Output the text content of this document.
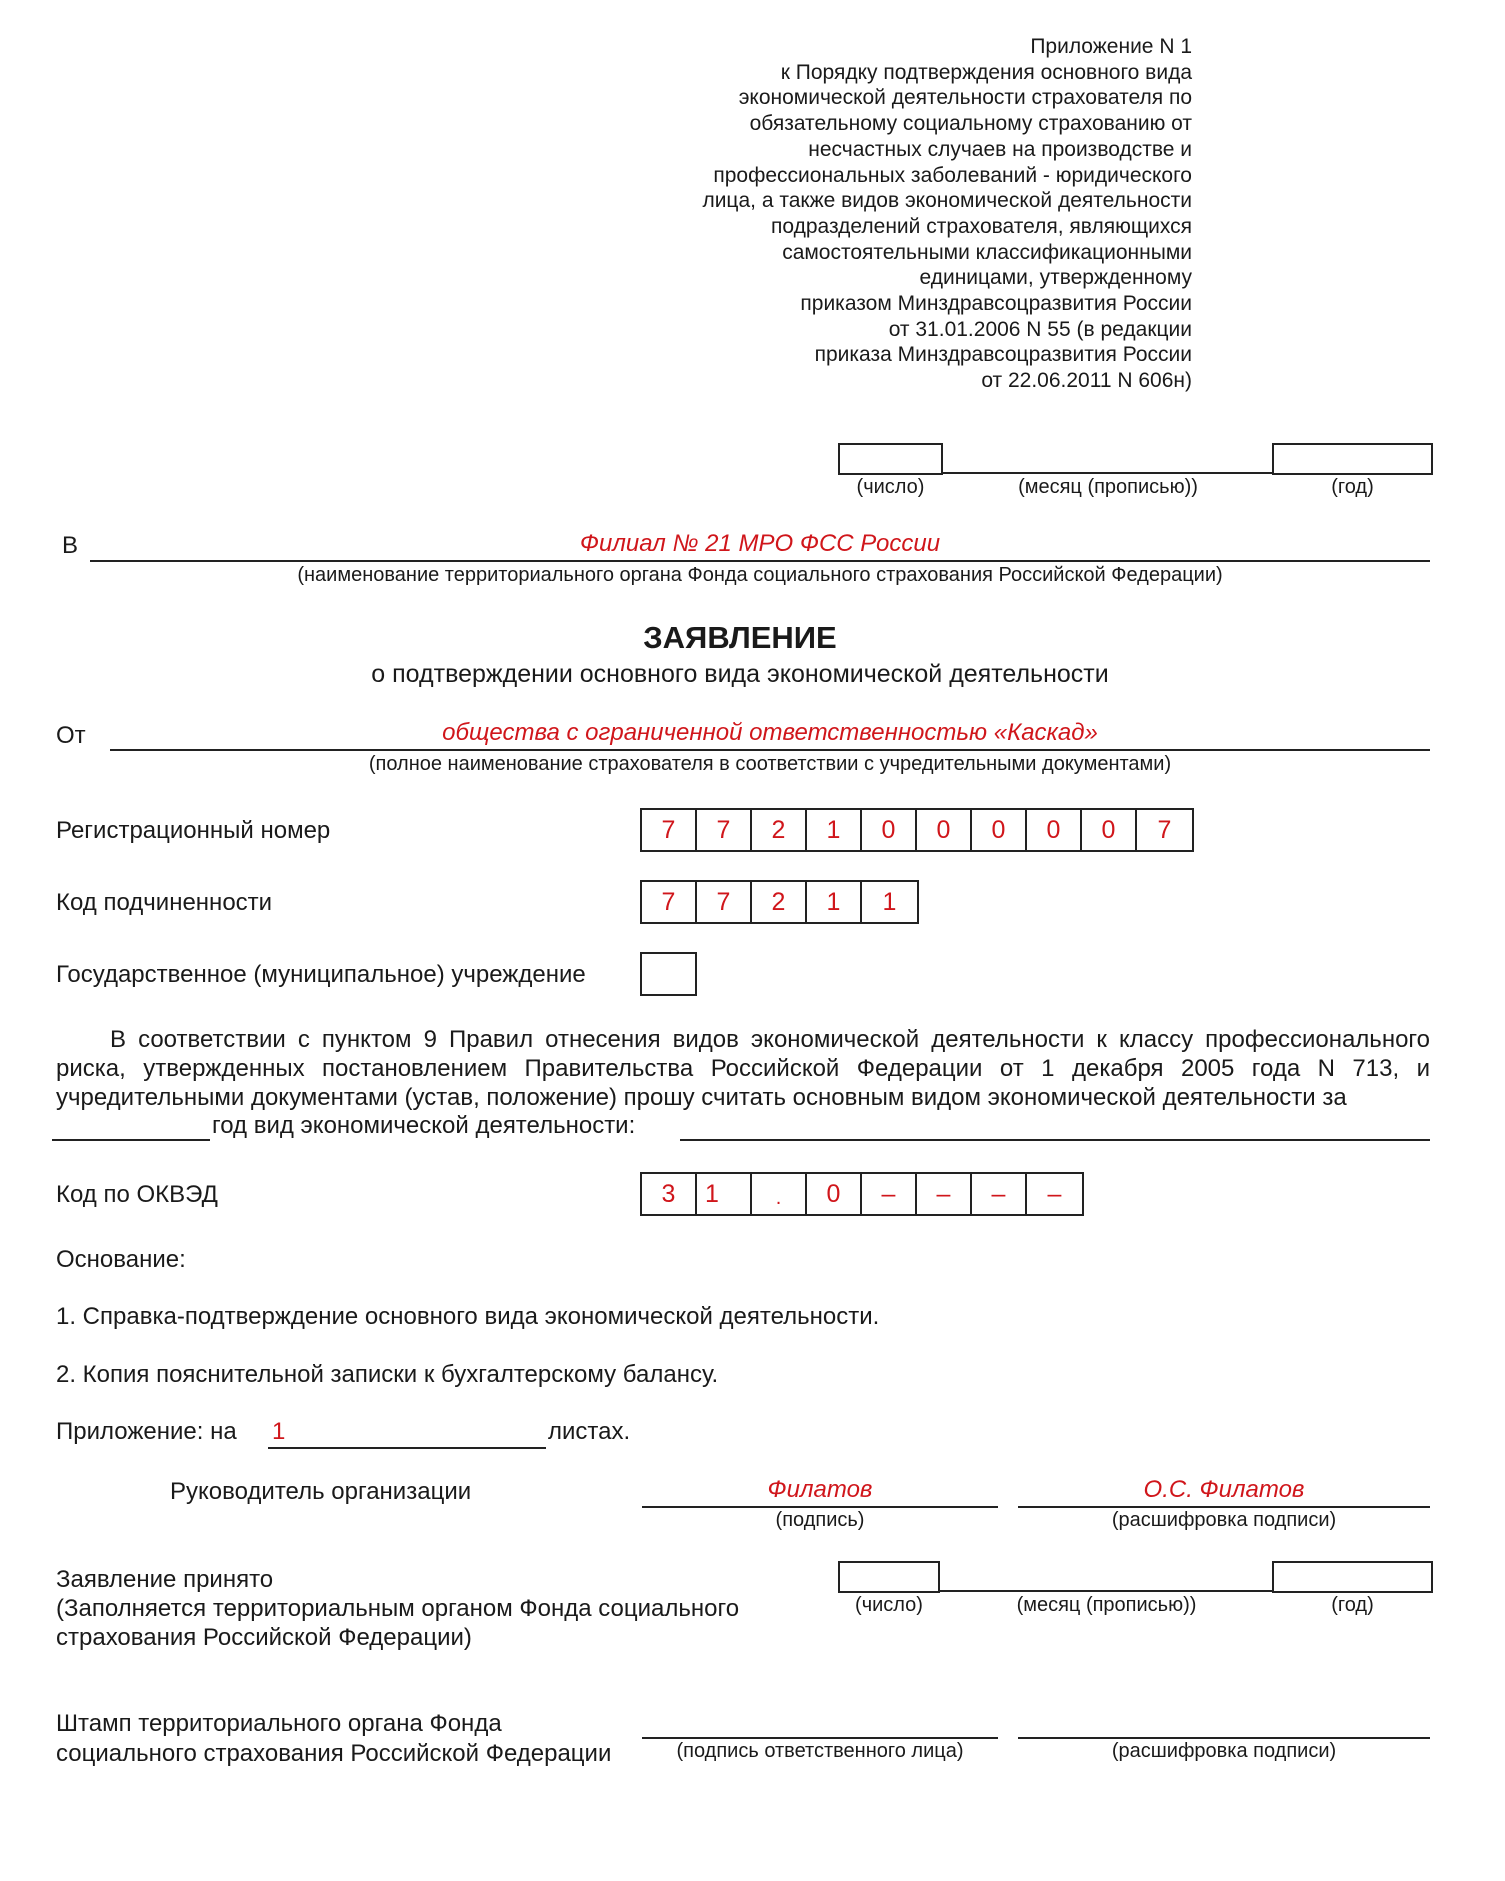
Приложение N 1
к Порядку подтверждения основного вида
экономической деятельности страхователя по
обязательному социальному страхованию от
несчастных случаев на производстве и
профессиональных заболеваний - юридического
лица, а также видов экономической деятельности
подразделений страхователя, являющихся
самостоятельными классификационными
единицами, утвержденному
приказом Минздравсоцразвития России
от 31.01.2006 N 55 (в редакции
приказа Минздравсоцразвития России
от 22.06.2011 N 606н)
(число)	(месяц (прописью))	(год)
В	Филиал № 21 МРО ФСС России
(наименование территориального органа Фонда социального страхования Российской Федерации)
ЗАЯВЛЕНИЕ
о подтверждении основного вида экономической деятельности
От	общества с ограниченной ответственностью «Каскад»
(полное наименование страхователя в соответствии с учредительными документами)
Регистрационный номер	7	7	2	1	0	0	0	0	0	7
Код подчиненности	7	7	2	1	1
Государственное (муниципальное) учреждение
В соответствии с пунктом 9 Правил отнесения видов экономической деятельности к классу профессионального риска, утвержденных постановлением Правительства Российской Федерации от 1 декабря 2005 года N 713, и учредительными документами (устав, положение) прошу считать основным видом экономической деятельности за
год вид экономической деятельности:
Код по ОКВЭД	3	1	.	0	–	–	–	–
Основание:
1. Справка-подтверждение основного вида экономической деятельности.
2. Копия пояснительной записки к бухгалтерскому балансу.
Приложение: на 1	листах.
Руководитель организации	Филатов
(подпись)
О.С. Филатов
(расшифровка подписи)
Заявление принято
(Заполняется территориальным органом Фонда социального
страхования Российской Федерации)
(число)	(месяц (прописью))	(год)
Штамп территориального органа Фонда
социального страхования Российской Федерации	(подпись ответственного лица)	(расшифровка подписи)
